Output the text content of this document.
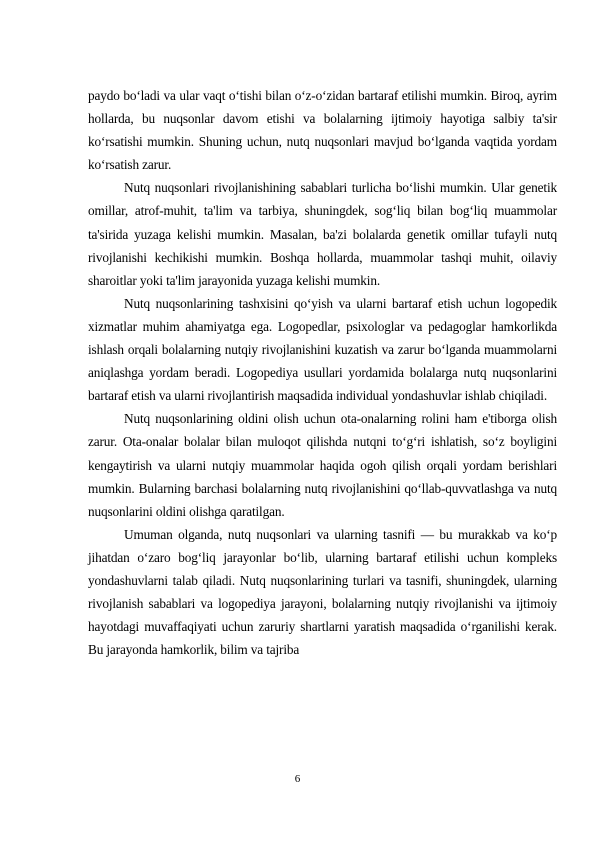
paydo bo‘ladi va ular vaqt o‘tishi bilan o‘z-o‘zidan bartaraf etilishi mumkin. Biroq, ayrim hollarda, bu nuqsonlar davom etishi va bolalarning ijtimoiy hayotiga salbiy ta'sir ko‘rsatishi mumkin. Shuning uchun, nutq nuqsonlari mavjud bo‘lganda vaqtida yordam ko‘rsatish zarur.

Nutq nuqsonlari rivojlanishining sabablari turlicha bo‘lishi mumkin. Ular genetik omillar, atrof-muhit, ta'lim va tarbiya, shuningdek, sog‘liq bilan bog‘liq muammolar ta'sirida yuzaga kelishi mumkin. Masalan, ba'zi bolalarda genetik omillar tufayli nutq rivojlanishi kechikishi mumkin. Boshqa hollarda, muammolar tashqi muhit, oilaviy sharoitlar yoki ta'lim jarayonida yuzaga kelishi mumkin.

Nutq nuqsonlarining tashxisini qo‘yish va ularni bartaraf etish uchun logopedik xizmatlar muhim ahamiyatga ega. Logopedlar, psixologlar va pedagoglar hamkorlikda ishlash orqali bolalarning nutqiy rivojlanishini kuzatish va zarur bo‘lganda muammolarni aniqlashga yordam beradi. Logopediya usullari yordamida bolalarga nutq nuqsonlarini bartaraf etish va ularni rivojlantirish maqsadida individual yondashuvlar ishlab chiqiladi.

Nutq nuqsonlarining oldini olish uchun ota-onalarning rolini ham e'tiborga olish zarur. Ota-onalar bolalar bilan muloqot qilishda nutqni to‘g‘ri ishlatish, so‘z boyligini kengaytirish va ularni nutqiy muammolar haqida ogoh qilish orqali yordam berishlari mumkin. Bularning barchasi bolalarning nutq rivojlanishini qo‘llab-quvvatlashga va nutq nuqsonlarini oldini olishga qaratilgan.

Umuman olganda, nutq nuqsonlari va ularning tasnifi — bu murakkab va ko‘p jihatdan o‘zaro bog‘liq jarayonlar bo‘lib, ularning bartaraf etilishi uchun kompleks yondashuvlarni talab qiladi. Nutq nuqsonlarining turlari va tasnifi, shuningdek, ularning rivojlanish sabablari va logopediya jarayoni, bolalarning nutqiy rivojlanishi va ijtimoiy hayotdagi muvaffaqiyati uchun zaruriy shartlarni yaratish maqsadida o‘rganilishi kerak. Bu jarayonda hamkorlik, bilim va tajriba

6
